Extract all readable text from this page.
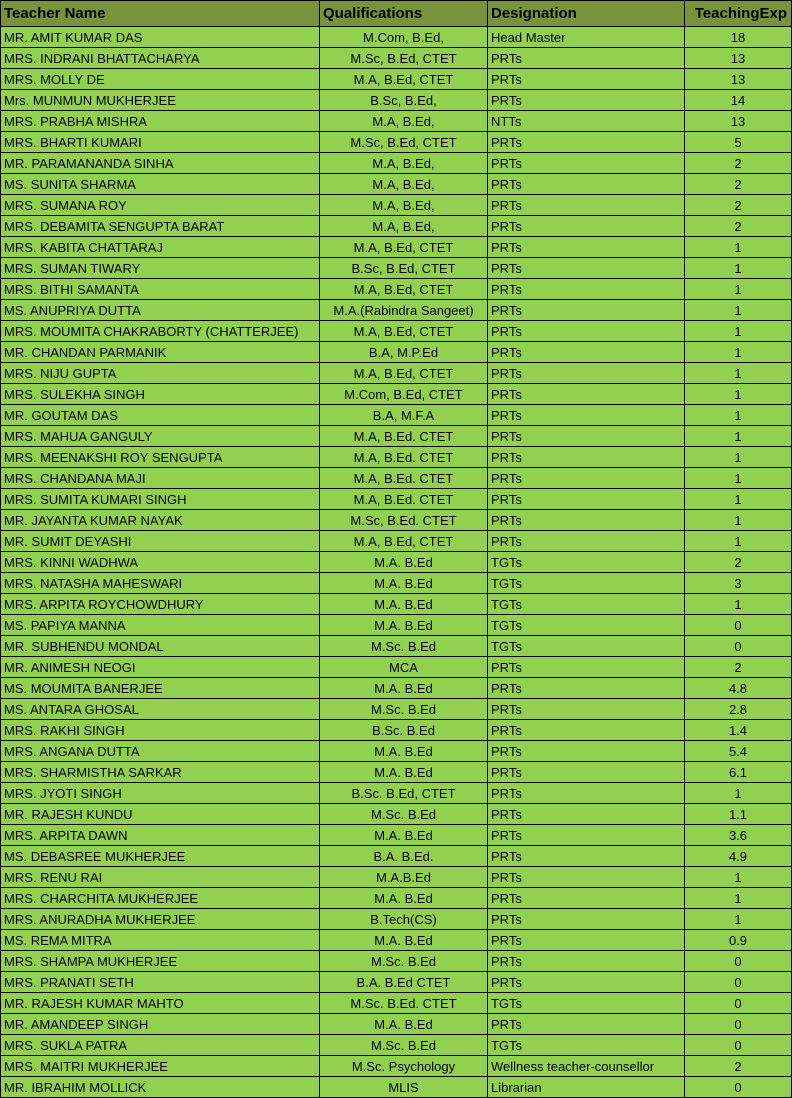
Teacher Name	Qualifications	Designation	TeachingExp
MR. AMIT KUMAR DAS	M.Com, B.Ed,	Head Master	18
MRS. INDRANI BHATTACHARYA	M.Sc, B.Ed, CTET	PRTs	13
MRS. MOLLY DE	M.A, B.Ed, CTET	PRTs	13
Mrs. MUNMUN MUKHERJEE	B.Sc, B.Ed,	PRTs	14
MRS. PRABHA MISHRA	M.A, B.Ed,	NTTs	13
MRS. BHARTI KUMARI	M.Sc, B.Ed, CTET	PRTs	5
MR. PARAMANANDA SINHA	M.A, B.Ed,	PRTs	2
MS. SUNITA SHARMA	M.A, B.Ed,	PRTs	2
MRS. SUMANA ROY	M.A, B.Ed,	PRTs	2
MRS. DEBAMITA SENGUPTA BARAT	M.A, B.Ed,	PRTs	2
MRS. KABITA CHATTARAJ	M.A, B.Ed, CTET	PRTs	1
MRS. SUMAN TIWARY	B.Sc, B.Ed, CTET	PRTs	1
MRS. BITHI SAMANTA	M.A, B.Ed, CTET	PRTs	1
MS. ANUPRIYA DUTTA	M.A.(Rabindra Sangeet)	PRTs	1
MRS. MOUMITA CHAKRABORTY (CHATTERJEE)	M.A, B.Ed, CTET	PRTs	1
MR. CHANDAN PARMANIK	B.A, M.P.Ed	PRTs	1
MRS. NIJU GUPTA	M.A, B.Ed, CTET	PRTs	1
MRS. SULEKHA SINGH	M.Com, B.Ed, CTET	PRTs	1
MR. GOUTAM DAS	B.A, M.F.A	PRTs	1
MRS. MAHUA GANGULY	M.A, B.Ed. CTET	PRTs	1
MRS. MEENAKSHI ROY SENGUPTA	M.A, B.Ed. CTET	PRTs	1
MRS. CHANDANA MAJI	M.A, B.Ed. CTET	PRTs	1
MRS. SUMITA KUMARI SINGH	M.A, B.Ed. CTET	PRTs	1
MR. JAYANTA KUMAR NAYAK	M.Sc, B.Ed. CTET	PRTs	1
MR. SUMIT DEYASHI	M.A, B.Ed, CTET	PRTs	1
MRS. KINNI WADHWA	M.A. B.Ed	TGTs	2
MRS. NATASHA MAHESWARI	M.A. B.Ed	TGTs	3
MRS. ARPITA ROYCHOWDHURY	M.A. B.Ed	TGTs	1
MS. PAPIYA MANNA	M.A. B.Ed	TGTs	0
MR. SUBHENDU MONDAL	M.Sc. B.Ed	TGTs	0
MR. ANIMESH NEOGI	MCA	PRTs	2
MS. MOUMITA BANERJEE	M.A. B.Ed	PRTs	4.8
MS. ANTARA GHOSAL	M.Sc. B.Ed	PRTs	2.8
MRS. RAKHI SINGH	B.Sc. B.Ed	PRTs	1.4
MRS. ANGANA DUTTA	M.A. B.Ed	PRTs	5.4
MRS. SHARMISTHA SARKAR	M.A. B.Ed	PRTs	6.1
MRS. JYOTI SINGH	B.Sc. B.Ed, CTET	PRTs	1
MR. RAJESH KUNDU	M.Sc. B.Ed	PRTs	1.1
MRS. ARPITA DAWN	M.A. B.Ed	PRTs	3.6
MS. DEBASREE MUKHERJEE	B.A. B.Ed.	PRTs	4.9
MRS. RENU RAI	M.A.B.Ed	PRTs	1
MRS. CHARCHITA MUKHERJEE	M.A. B.Ed	PRTs	1
MRS. ANURADHA MUKHERJEE	B.Tech(CS)	PRTs	1
MS. REMA MITRA	M.A. B.Ed	PRTs	0.9
MRS. SHAMPA MUKHERJEE	M.Sc. B.Ed	PRTs	0
MRS. PRANATI SETH	B.A. B.Ed CTET	PRTs	0
MR. RAJESH KUMAR MAHTO	M.Sc. B.Ed. CTET	TGTs	0
MR. AMANDEEP SINGH	M.A. B.Ed	PRTs	0
MRS. SUKLA PATRA	M.Sc. B.Ed	TGTs	0
MRS. MAITRI MUKHERJEE	M.Sc. Psychology	Wellness teacher-counsellor	2
MR. IBRAHIM MOLLICK	MLIS	Librarian	0
